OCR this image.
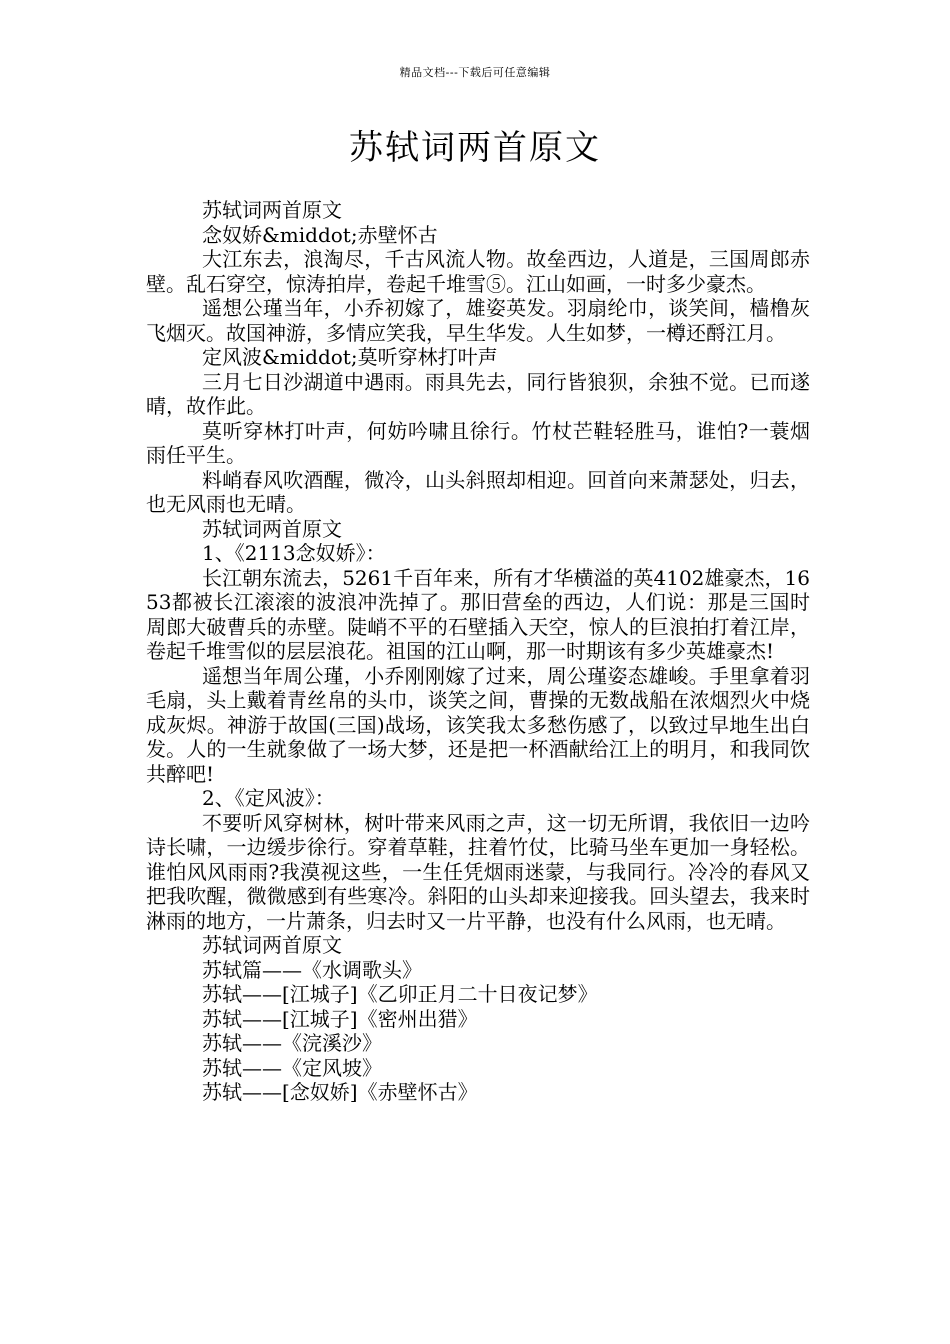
精品文档---下载后可任意编辑
苏轼词两首原文

苏轼词两首原文

念奴娇&middot;赤壁怀古

大江东去，浪淘尽，千古风流人物。故垒西边，人道是，三国周郎赤壁。乱石穿空，惊涛拍岸，卷起千堆雪⑤。江山如画，一时多少豪杰。

遥想公瑾当年，小乔初嫁了，雄姿英发。羽扇纶巾，谈笑间，樯橹灰飞烟灭。故国神游，多情应笑我，早生华发。人生如梦，一樽还酹江月。

定风波&middot;莫听穿林打叶声

三月七日沙湖道中遇雨。雨具先去，同行皆狼狈，余独不觉。已而遂晴，故作此。

莫听穿林打叶声，何妨吟啸且徐行。竹杖芒鞋轻胜马，谁怕?一蓑烟雨任平生。

料峭春风吹酒醒，微冷，山头斜照却相迎。回首向来萧瑟处，归去，也无风雨也无晴。

苏轼词两首原文

1、《2113念奴娇》：

长江朝东流去，5261千百年来，所有才华横溢的英4102雄豪杰，1653都被长江滚滚的波浪冲洗掉了。那旧营垒的西边，人们说：那是三国时周郎大破曹兵的赤壁。陡峭不平的石壁插入天空，惊人的巨浪拍打着江岸，卷起千堆雪似的层层浪花。祖国的江山啊，那一时期该有多少英雄豪杰!

遥想当年周公瑾，小乔刚刚嫁了过来，周公瑾姿态雄峻。手里拿着羽毛扇，头上戴着青丝帛的头巾，谈笑之间，曹操的无数战船在浓烟烈火中烧成灰烬。神游于故国(三国)战场，该笑我太多愁伤感了，以致过早地生出白发。人的一生就象做了一场大梦，还是把一杯酒献给江上的明月，和我同饮共醉吧!

2、《定风波》：

不要听风穿树林，树叶带来风雨之声，这一切无所谓，我依旧一边吟诗长啸，一边缓步徐行。穿着草鞋，拄着竹仗，比骑马坐车更加一身轻松。谁怕风风雨雨?我漠视这些，一生任凭烟雨迷蒙，与我同行。冷冷的春风又把我吹醒，微微感到有些寒冷。斜阳的山头却来迎接我。回头望去，我来时淋雨的地方，一片萧条，归去时又一片平静，也没有什么风雨，也无晴。

苏轼词两首原文

苏轼篇——《水调歌头》

苏轼——[江城子]《乙卯正月二十日夜记梦》

苏轼——[江城子]《密州出猎》

苏轼——《浣溪沙》

苏轼——《定风坡》

苏轼——[念奴娇]《赤壁怀古》
